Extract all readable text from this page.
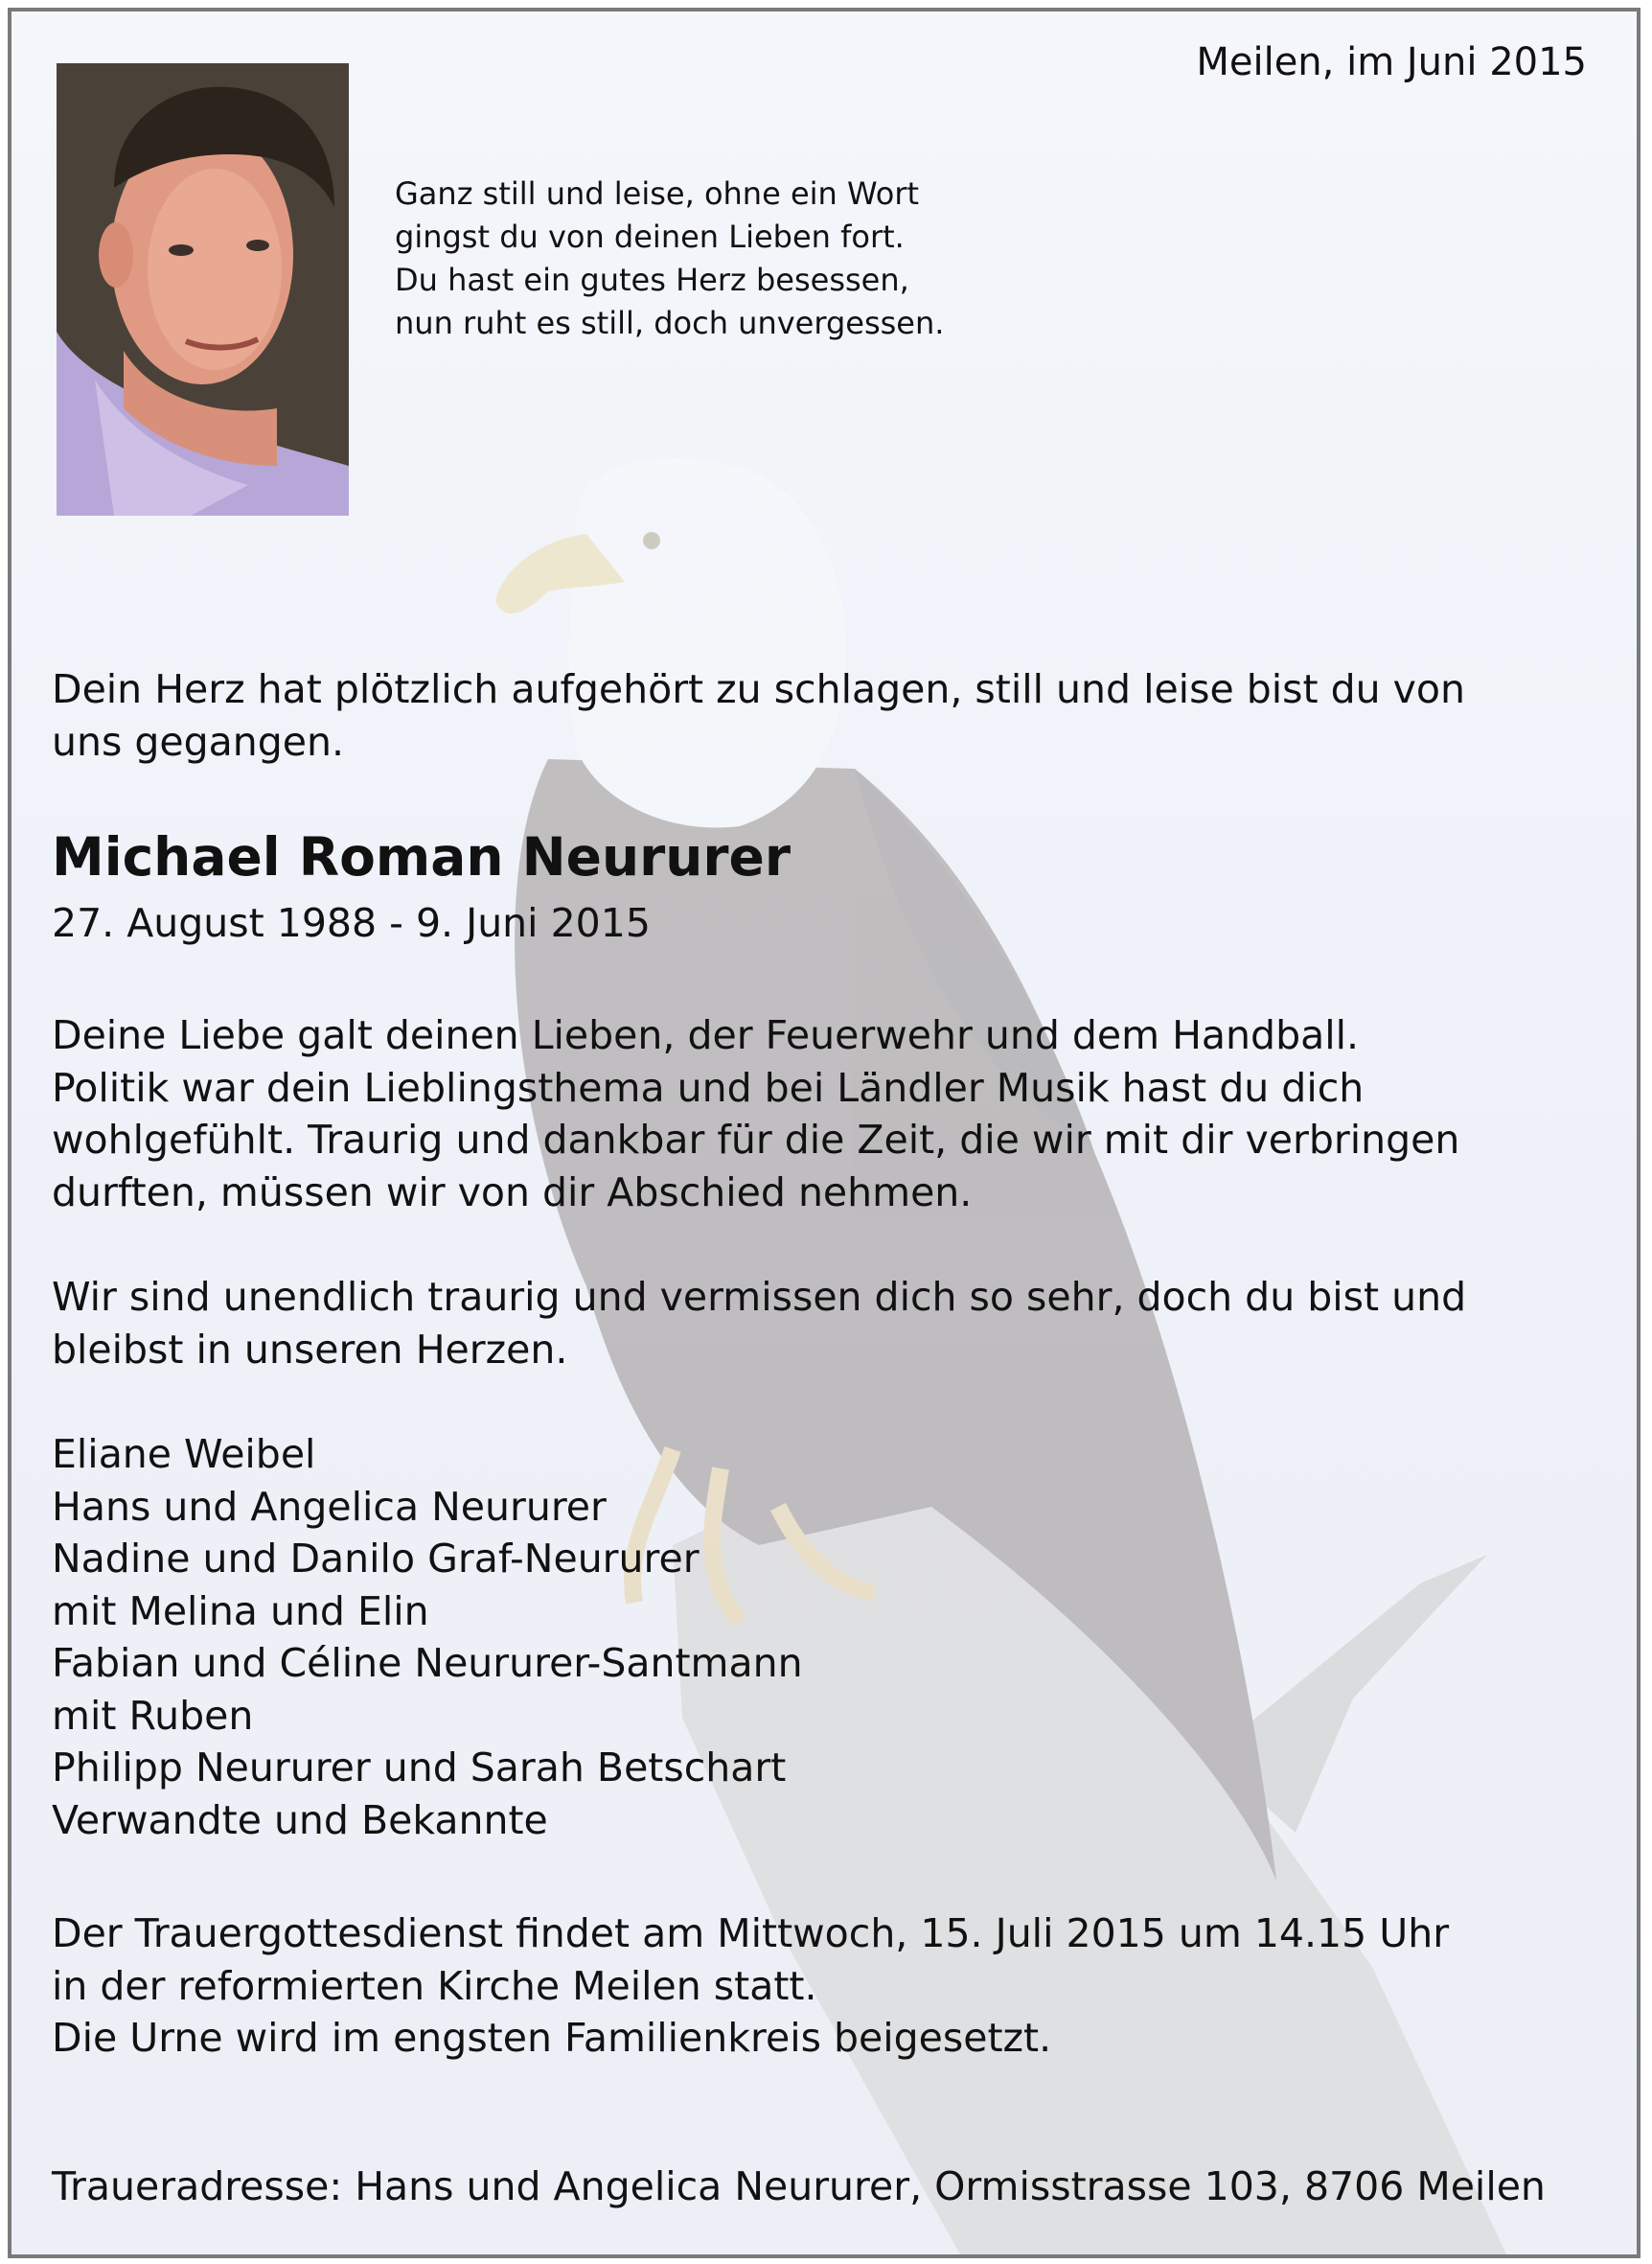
Meilen, im Juni 2015
Ganz still und leise, ohne ein Wort
gingst du von deinen Lieben fort.
Du hast ein gutes Herz besessen,
nun ruht es still, doch unvergessen.
Dein Herz hat plötzlich aufgehört zu schlagen, still und leise bist du von
uns gegangen.
Michael Roman Neururer
27. August 1988 - 9. Juni 2015
Deine Liebe galt deinen Lieben, der Feuerwehr und dem Handball.
Politik war dein Lieblingsthema und bei Ländler Musik hast du dich
wohlgefühlt. Traurig und dankbar für die Zeit, die wir mit dir verbringen
durften, müssen wir von dir Abschied nehmen.
Wir sind unendlich traurig und vermissen dich so sehr, doch du bist und
bleibst in unseren Herzen.
Eliane Weibel
Hans und Angelica Neururer
Nadine und Danilo Graf-Neururer
mit Melina und Elin
Fabian und Céline Neururer-Santmann
mit Ruben
Philipp Neururer und Sarah Betschart
Verwandte und Bekannte
Der Trauergottesdienst findet am Mittwoch, 15. Juli 2015 um 14.15 Uhr
in der reformierten Kirche Meilen statt.
Die Urne wird im engsten Familienkreis beigesetzt.
Traueradresse: Hans und Angelica Neururer, Ormisstrasse 103, 8706 Meilen
